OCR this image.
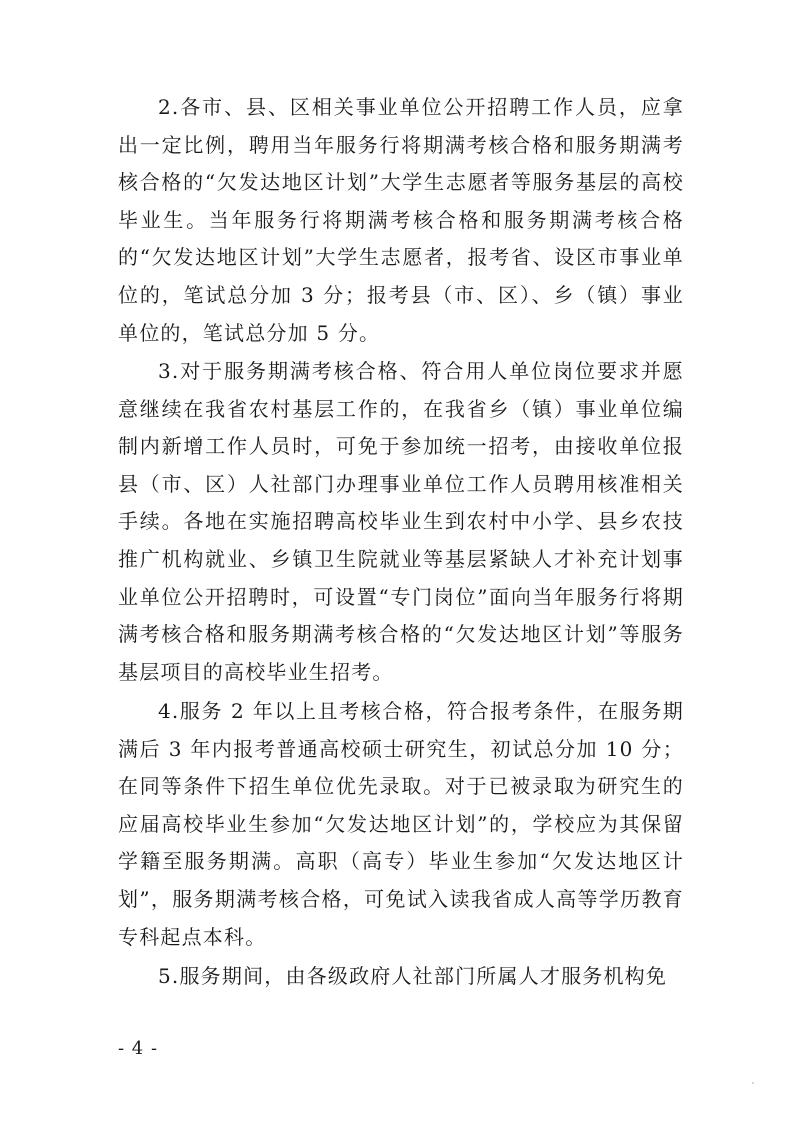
2.各市、县、区相关事业单位公开招聘工作人员，应拿出一定比例，聘用当年服务行将期满考核合格和服务期满考核合格的“欠发达地区计划”大学生志愿者等服务基层的高校毕业生。当年服务行将期满考核合格和服务期满考核合格的“欠发达地区计划”大学生志愿者，报考省、设区市事业单位的，笔试总分加 3 分；报考县（市、区）、乡（镇）事业单位的，笔试总分加 5 分。

3.对于服务期满考核合格、符合用人单位岗位要求并愿意继续在我省农村基层工作的，在我省乡（镇）事业单位编制内新增工作人员时，可免于参加统一招考，由接收单位报县（市、区）人社部门办理事业单位工作人员聘用核准相关手续。各地在实施招聘高校毕业生到农村中小学、县乡农技推广机构就业、乡镇卫生院就业等基层紧缺人才补充计划事业单位公开招聘时，可设置“专门岗位”面向当年服务行将期满考核合格和服务期满考核合格的“欠发达地区计划”等服务基层项目的高校毕业生招考。

4.服务 2 年以上且考核合格，符合报考条件，在服务期满后 3 年内报考普通高校硕士研究生，初试总分加 10 分；在同等条件下招生单位优先录取。对于已被录取为研究生的应届高校毕业生参加“欠发达地区计划”的，学校应为其保留学籍至服务期满。高职（高专）毕业生参加“欠发达地区计划”，服务期满考核合格，可免试入读我省成人高等学历教育专科起点本科。

5.服务期间，由各级政府人社部门所属人才服务机构免

- 4 -
